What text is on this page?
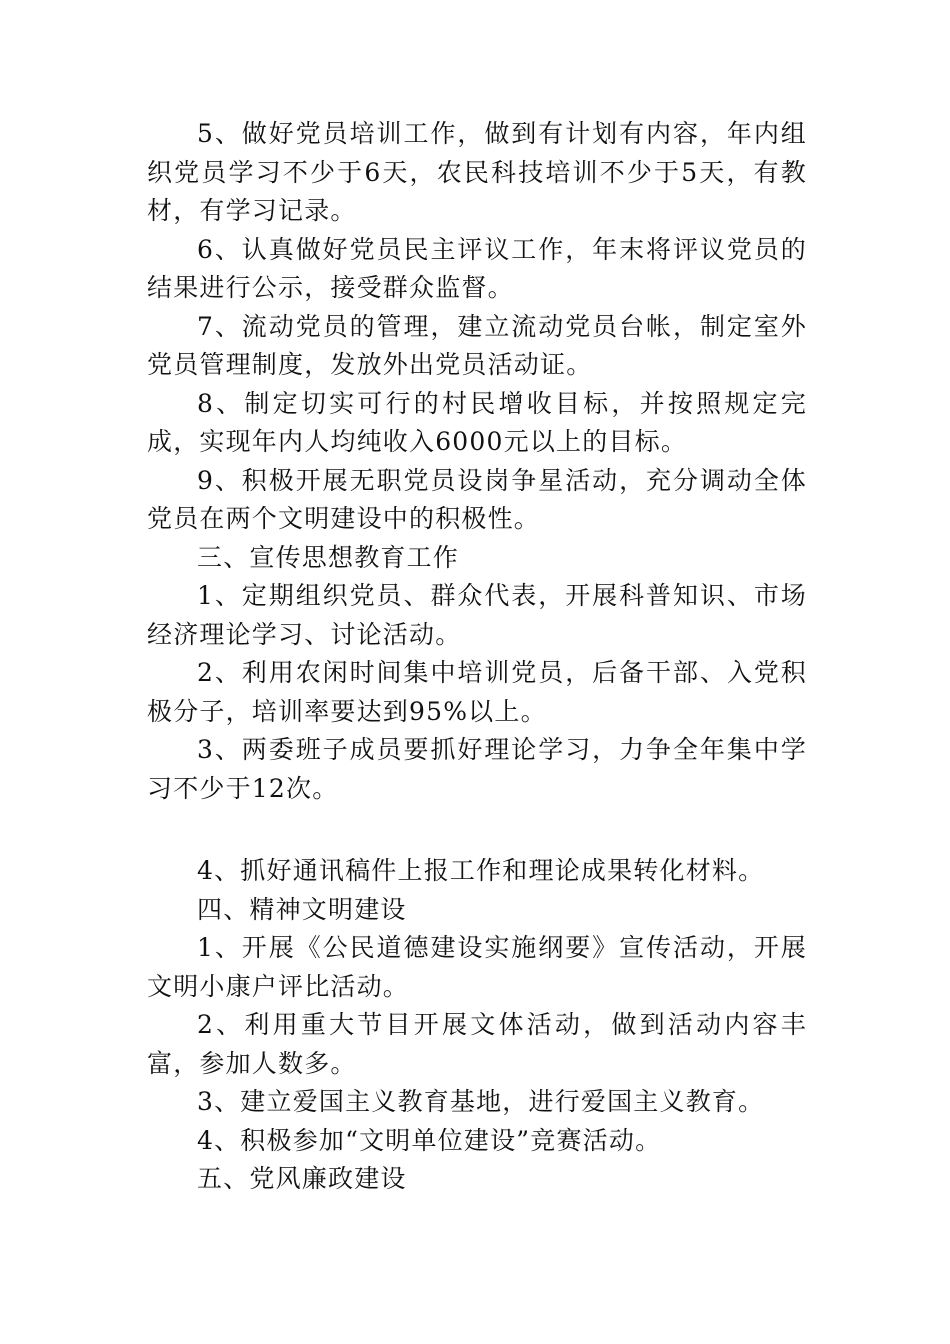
5、做好党员培训工作，做到有计划有内容，年内组织党员学习不少于6天，农民科技培训不少于5天，有教材，有学习记录。

6、认真做好党员民主评议工作，年末将评议党员的结果进行公示，接受群众监督。

7、流动党员的管理，建立流动党员台帐，制定室外党员管理制度，发放外出党员活动证。

8、制定切实可行的村民增收目标，并按照规定完成，实现年内人均纯收入6000元以上的目标。

9、积极开展无职党员设岗争星活动，充分调动全体党员在两个文明建设中的积极性。

三、宣传思想教育工作

1、定期组织党员、群众代表，开展科普知识、市场经济理论学习、讨论活动。

2、利用农闲时间集中培训党员，后备干部、入党积极分子，培训率要达到95%以上。

3、两委班子成员要抓好理论学习，力争全年集中学习不少于12次。

4、抓好通讯稿件上报工作和理论成果转化材料。

四、精神文明建设

1、开展《公民道德建设实施纲要》宣传活动，开展文明小康户评比活动。

2、利用重大节目开展文体活动，做到活动内容丰富，参加人数多。

3、建立爱国主义教育基地，进行爱国主义教育。

4、积极参加“文明单位建设”竞赛活动。

五、党风廉政建设
